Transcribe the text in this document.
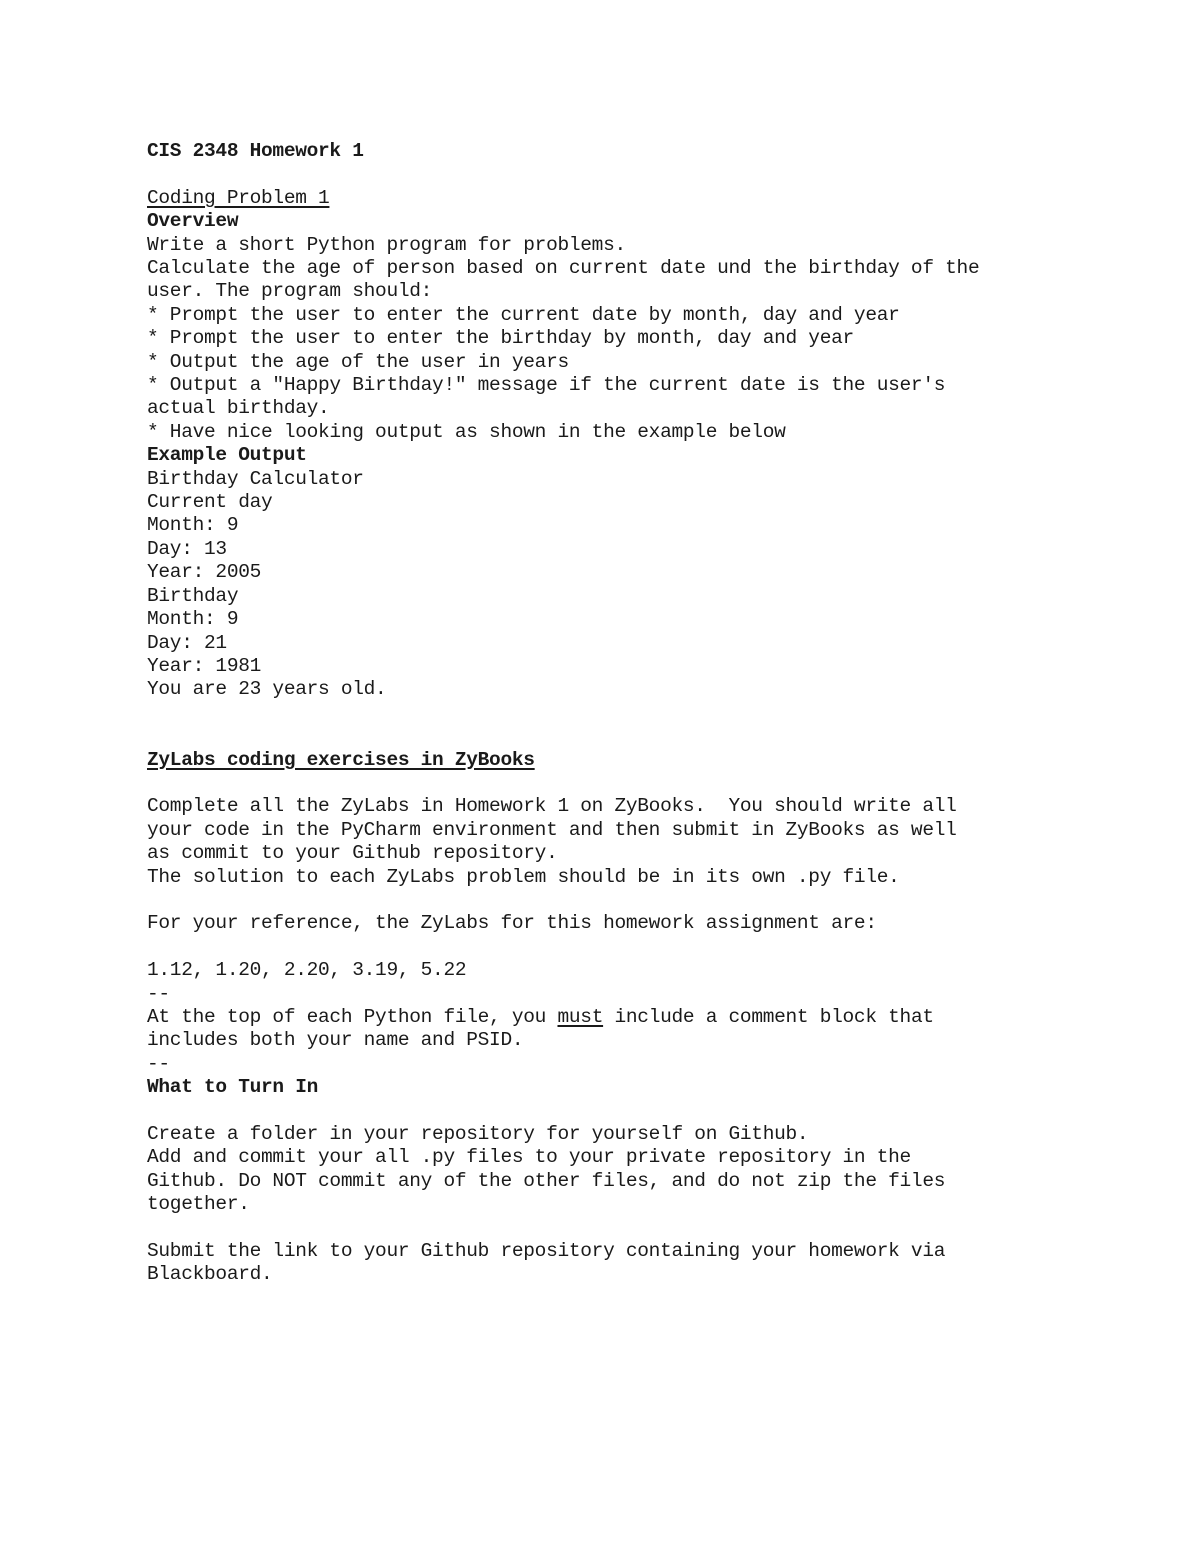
CIS 2348 Homework 1
Coding Problem 1
Overview
Write a short Python program for problems.
Calculate the age of person based on current date und the birthday of the
user. The program should:
* Prompt the user to enter the current date by month, day and year
* Prompt the user to enter the birthday by month, day and year
* Output the age of the user in years
* Output a "Happy Birthday!" message if the current date is the user's
actual birthday.
* Have nice looking output as shown in the example below
Example Output
Birthday Calculator
Current day
Month: 9
Day: 13
Year: 2005
Birthday
Month: 9
Day: 21
Year: 1981
You are 23 years old.
ZyLabs coding exercises in ZyBooks
Complete all the ZyLabs in Homework 1 on ZyBooks.  You should write all
your code in the PyCharm environment and then submit in ZyBooks as well
as commit to your Github repository.
The solution to each ZyLabs problem should be in its own .py file.
For your reference, the ZyLabs for this homework assignment are:
1.12, 1.20, 2.20, 3.19, 5.22
--
At the top of each Python file, you must include a comment block that
includes both your name and PSID.
--
What to Turn In
Create a folder in your repository for yourself on Github.
Add and commit your all .py files to your private repository in the
Github. Do NOT commit any of the other files, and do not zip the files
together.
Submit the link to your Github repository containing your homework via
Blackboard.
